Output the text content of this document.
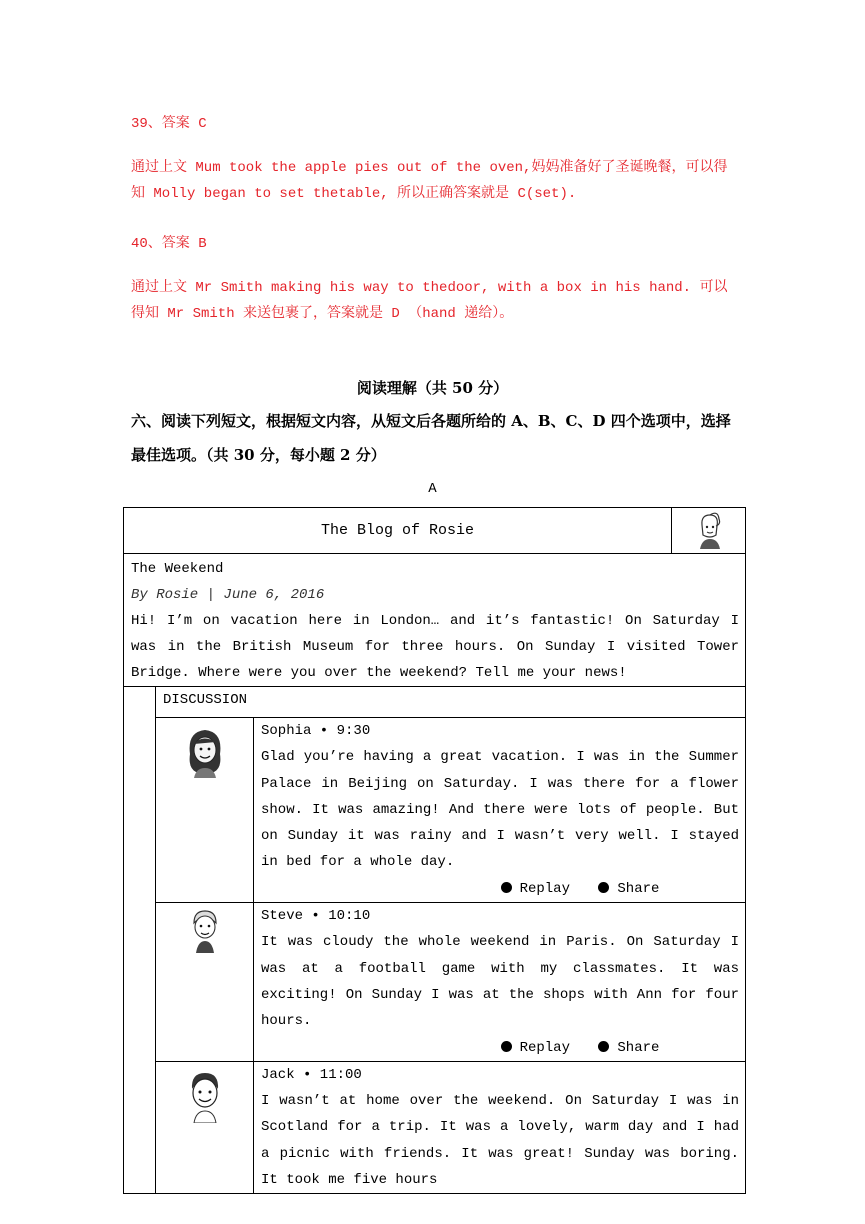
39、答案 C
通过上文 Mum took the apple pies out of the oven,妈妈准备好了圣诞晚餐，可以得知 Molly began to set thetable, 所以正确答案就是 C(set).
40、答案 B
通过上文 Mr Smith making his way to thedoor, with a box in his hand. 可以得知 Mr Smith 来送包裹了，答案就是 D （hand 递给）。
阅读理解（共 50 分）
六、阅读下列短文，根据短文内容，从短文后各题所给的 A、B、C、D 四个选项中，选择最佳选项。（共 30 分，每小题 2 分）
A
The Blog of Rosie	

The Weekend
By Rosie | June 6, 2016
Hi! I’m on vacation here in London… and it’s fantastic! On Saturday I was in the British Museum for three hours. On Sunday I visited Tower Bridge. Where were you over the weekend? Tell me your news!			

	DISCUSSION		

Sophia • 9:30
Glad you’re having a great vacation. I was in the Summer Palace in Beijing on Saturday. I was there for a flower show. It was amazing! And there were lots of people. But on Sunday it was rainy and I wasn’t very well. I stayed in bed for a whole day.
Replay Share	

Steve • 10:10
It was cloudy the whole weekend in Paris. On Saturday I was at a football game with my classmates. It was exciting! On Sunday I was at the shops with Ann for four hours.
Replay Share	

Jack • 11:00
I wasn’t at home over the weekend. On Saturday I was in Scotland for a trip. It was a lovely, warm day and I had a picnic with friends. It was great! Sunday was boring. It took me five hours	
